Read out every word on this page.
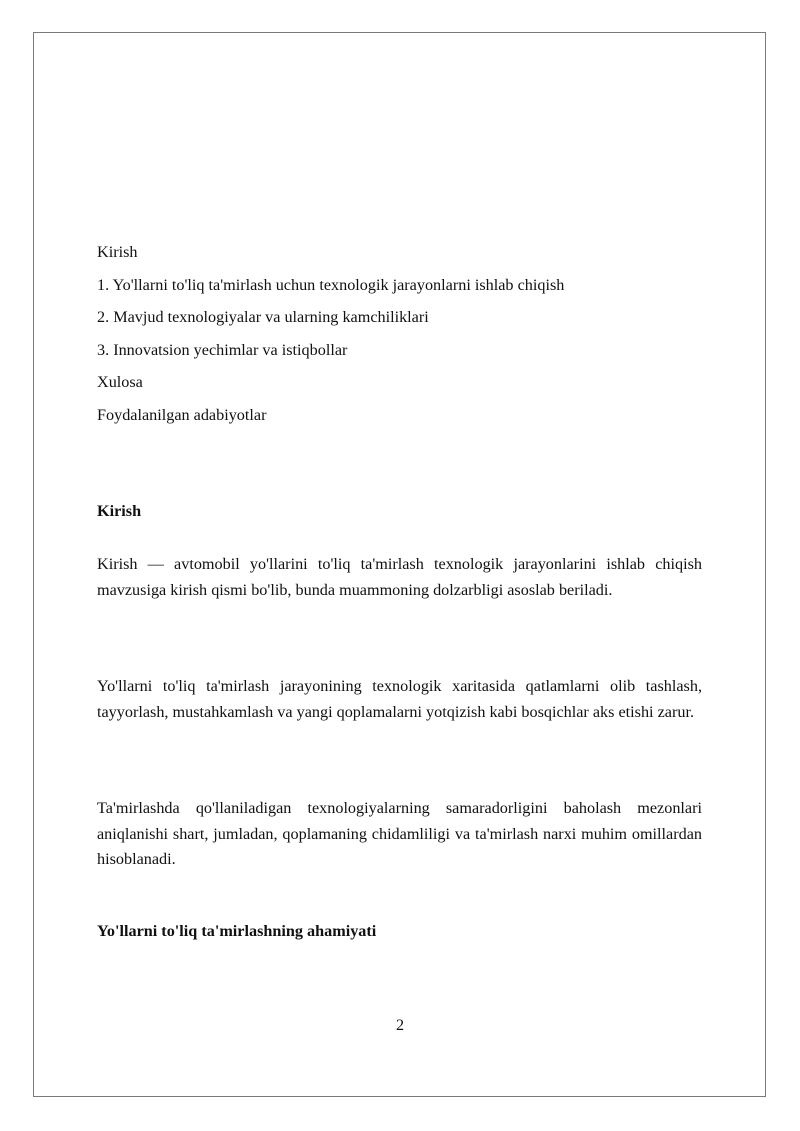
Kirish
1. Yo'llarni to'liq ta'mirlash uchun texnologik jarayonlarni ishlab chiqish
2. Mavjud texnologiyalar va ularning kamchiliklari
3. Innovatsion yechimlar va istiqbollar
Xulosa
Foydalanilgan adabiyotlar
Kirish
Kirish — avtomobil yo'llarini to'liq ta'mirlash texnologik jarayonlarini ishlab chiqish mavzusiga kirish qismi bo'lib, bunda muammoning dolzarbligi asoslab beriladi.
Yo'llarni to'liq ta'mirlash jarayonining texnologik xaritasida qatlamlarni olib tashlash, tayyorlash, mustahkamlash va yangi qoplamalarni yotqizish kabi bosqichlar aks etishi zarur.
Ta'mirlashda qo'llaniladigan texnologiyalarning samaradorligini baholash mezonlari aniqlanishi shart, jumladan, qoplamaning chidamliligi va ta'mirlash narxi muhim omillardan hisoblanadi.
Yo'llarni to'liq ta'mirlashning ahamiyati
2
